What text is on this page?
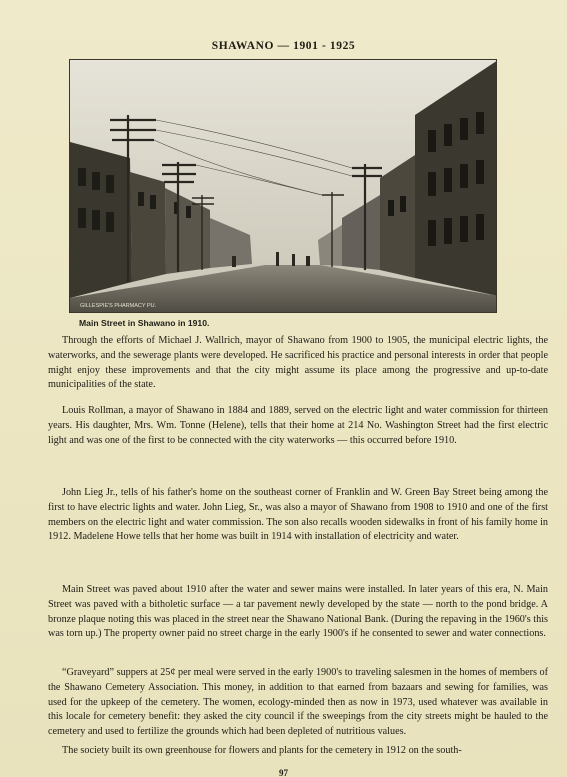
SHAWANO — 1901 - 1925
GILLESPIE'S PHARMACY PU.
Main Street in Shawano in 1910.

Through the efforts of Michael J. Wallrich, mayor of Shawano from 1900 to 1905, the municipal electric lights, the waterworks, and the sewerage plants were developed. He sacrificed his practice and personal interests in order that people might enjoy these improvements and that the city might assume its place among the progressive and up-to-date municipalities of the state.

Louis Rollman, a mayor of Shawano in 1884 and 1889, served on the electric light and water commission for thirteen years. His daughter, Mrs. Wm. Tonne (Helene), tells that their home at 214 No. Washington Street had the first electric light and was one of the first to be connected with the city waterworks — this occurred before 1910.

John Lieg Jr., tells of his father's home on the southeast corner of Franklin and W. Green Bay Street being among the first to have electric lights and water. John Lieg, Sr., was also a mayor of Shawano from 1908 to 1910 and one of the first members on the electric light and water commission. The son also recalls wooden sidewalks in front of his family home in 1912. Madelene Howe tells that her home was built in 1914 with installation of electricity and water.

Main Street was paved about 1910 after the water and sewer mains were installed. In later years of this era, N. Main Street was paved with a bitholetic surface — a tar pavement newly developed by the state — north to the pond bridge. A bronze plaque noting this was placed in the street near the Shawano National Bank. (During the repaving in the 1960's this was torn up.) The property owner paid no street charge in the early 1900's if he consented to sewer and water connections.

“Graveyard” suppers at 25¢ per meal were served in the early 1900's to traveling salesmen in the homes of members of the Shawano Cemetery Association. This money, in addition to that earned from bazaars and sewing for families, was used for the upkeep of the cemetery. The women, ecology-minded then as now in 1973, used whatever was available in this locale for cemetery benefit: they asked the city council if the sweepings from the city streets might be hauled to the cemetery and used to fertilize the grounds which had been depleted of nutritious values.

The society built its own greenhouse for flowers and plants for the cemetery in 1912 on the south-

97
